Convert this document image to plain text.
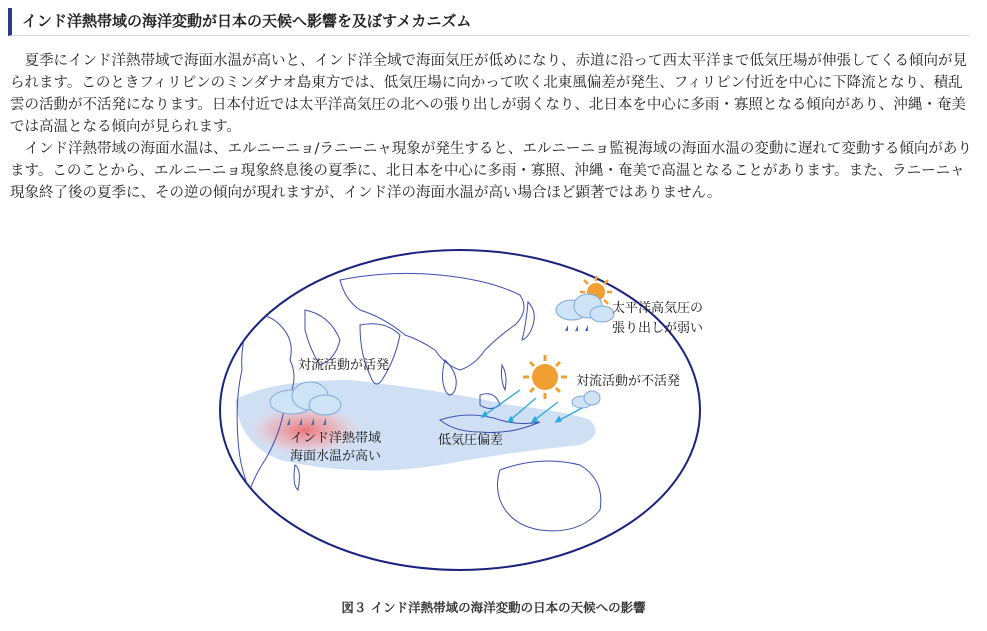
インド洋熱帯域の海洋変動が日本の天候へ影響を及ぼすメカニズム

夏季にインド洋熱帯域で海面水温が高いと、インド洋全域で海面気圧が低めになり、赤道に沿って西太平洋まで低気圧場が伸張してくる傾向が見られます。このときフィリピンのミンダナオ島東方では、低気圧場に向かって吹く北東風偏差が発生、フィリピン付近を中心に下降流となり、積乱雲の活動が不活発になります。日本付近では太平洋高気圧の北への張り出しが弱くなり、北日本を中心に多雨・寡照となる傾向があり、沖縄・奄美では高温となる傾向が見られます。

インド洋熱帯域の海面水温は、エルニーニョ/ラニーニャ現象が発生すると、エルニーニョ監視海域の海面水温の変動に遅れて変動する傾向があります。このことから、エルニーニョ現象終息後の夏季に、北日本を中心に多雨・寡照、沖縄・奄美で高温となることがあります。また、ラニーニャ現象終了後の夏季に、その逆の傾向が現れますが、インド洋の海面水温が高い場合ほど顕著ではありません。

対流活動が活発
インド洋熱帯域
海面水温が高い
低気圧偏差
対流活動が不活発
太平洋高気圧の
張り出しが弱い
図３ インド洋熱帯域の海洋変動の日本の天候への影響
